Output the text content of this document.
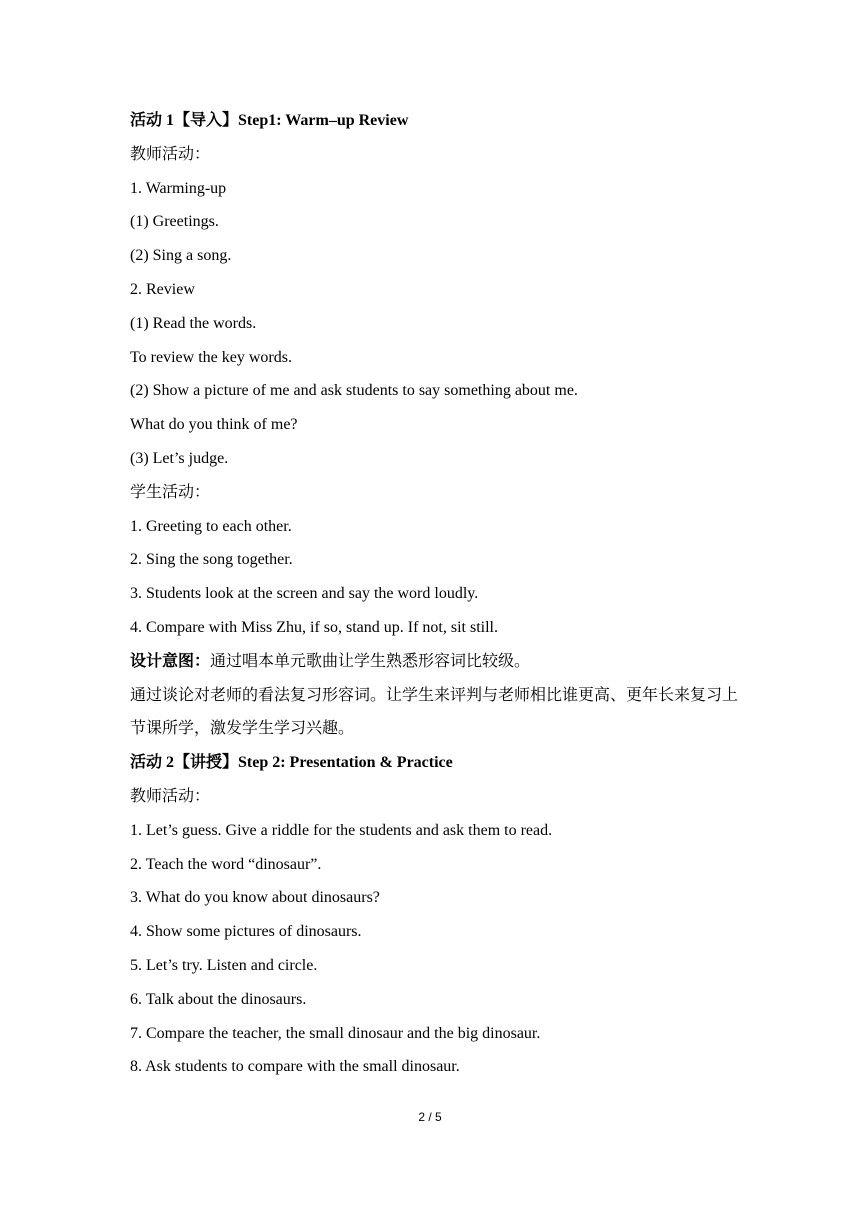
活动 1【导入】Step1: Warm–up Review
教师活动：
1. Warming-up
(1) Greetings.
(2) Sing a song.
2. Review
(1) Read the words.
To review the key words.
(2) Show a picture of me and ask students to say something about me.
What do you think of me?
(3) Let’s judge.
学生活动：
1. Greeting to each other.
2. Sing the song together.
3. Students look at the screen and say the word loudly.
4. Compare with Miss Zhu, if so, stand up. If not, sit still.
设计意图：通过唱本单元歌曲让学生熟悉形容词比较级。
通过谈论对老师的看法复习形容词。让学生来评判与老师相比谁更高、更年长来复习上节课所学，激发学生学习兴趣。
活动 2【讲授】Step 2: Presentation & Practice
教师活动：
1. Let’s guess. Give a riddle for the students and ask them to read.
2. Teach the word “dinosaur”.
3. What do you know about dinosaurs?
4. Show some pictures of dinosaurs.
5. Let’s try. Listen and circle.
6. Talk about the dinosaurs.
7. Compare the teacher, the small dinosaur and the big dinosaur.
8. Ask students to compare with the small dinosaur.
2 / 5
